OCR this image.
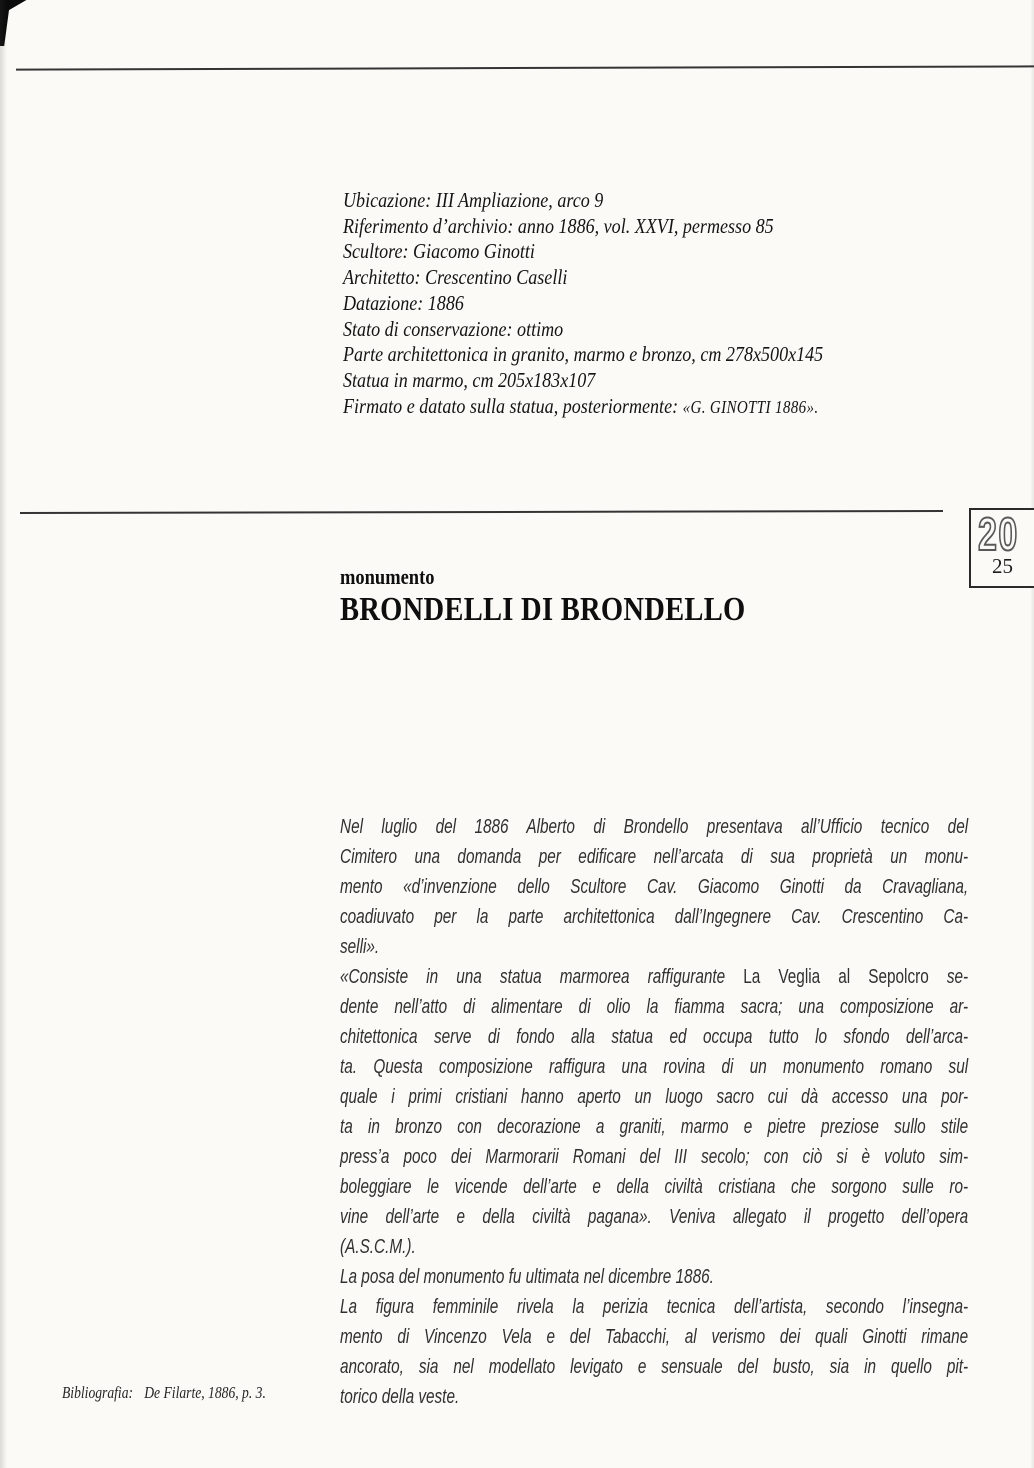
Ubicazione: III Ampliazione, arco 9
Riferimento d’archivio: anno 1886, vol. XXVI, permesso 85
Scultore: Giacomo Ginotti
Architetto: Crescentino Caselli
Datazione: 1886
Stato di conservazione: ottimo
Parte architettonica in granito, marmo e bronzo, cm 278x500x145
Statua in marmo, cm 205x183x107
Firmato e datato sulla statua, posteriormente: «G. GINOTTI 1886».
20
25
monumento
BRONDELLI DI BRONDELLO
Nel luglio del 1886 Alberto di Brondello presentava all’Ufficio tecnico del
Cimitero una domanda per edificare nell’arcata di sua proprietà un monu-
mento «d’invenzione dello Scultore Cav. Giacomo Ginotti da Cravagliana,
coadiuvato per la parte architettonica dall’Ingegnere Cav. Crescentino Ca-
selli».
«Consiste in una statua marmorea raffigurante La Veglia al Sepolcro se-
dente nell’atto di alimentare di olio la fiamma sacra; una composizione ar-
chitettonica serve di fondo alla statua ed occupa tutto lo sfondo dell’arca-
ta. Questa composizione raffigura una rovina di un monumento romano sul
quale i primi cristiani hanno aperto un luogo sacro cui dà accesso una por-
ta in bronzo con decorazione a graniti, marmo e pietre preziose sullo stile
press’a poco dei Marmorarii Romani del III secolo; con ciò si è voluto sim-
boleggiare le vicende dell’arte e della civiltà cristiana che sorgono sulle ro-
vine dell’arte e della civiltà pagana». Veniva allegato il progetto dell’opera
(A.S.C.M.).
La posa del monumento fu ultimata nel dicembre 1886.
La figura femminile rivela la perizia tecnica dell’artista, secondo l’insegna-
mento di Vincenzo Vela e del Tabacchi, al verismo dei quali Ginotti rimane
ancorato, sia nel modellato levigato e sensuale del busto, sia in quello pit-
torico della veste.
Bibliografia: De Filarte, 1886, p. 3.
